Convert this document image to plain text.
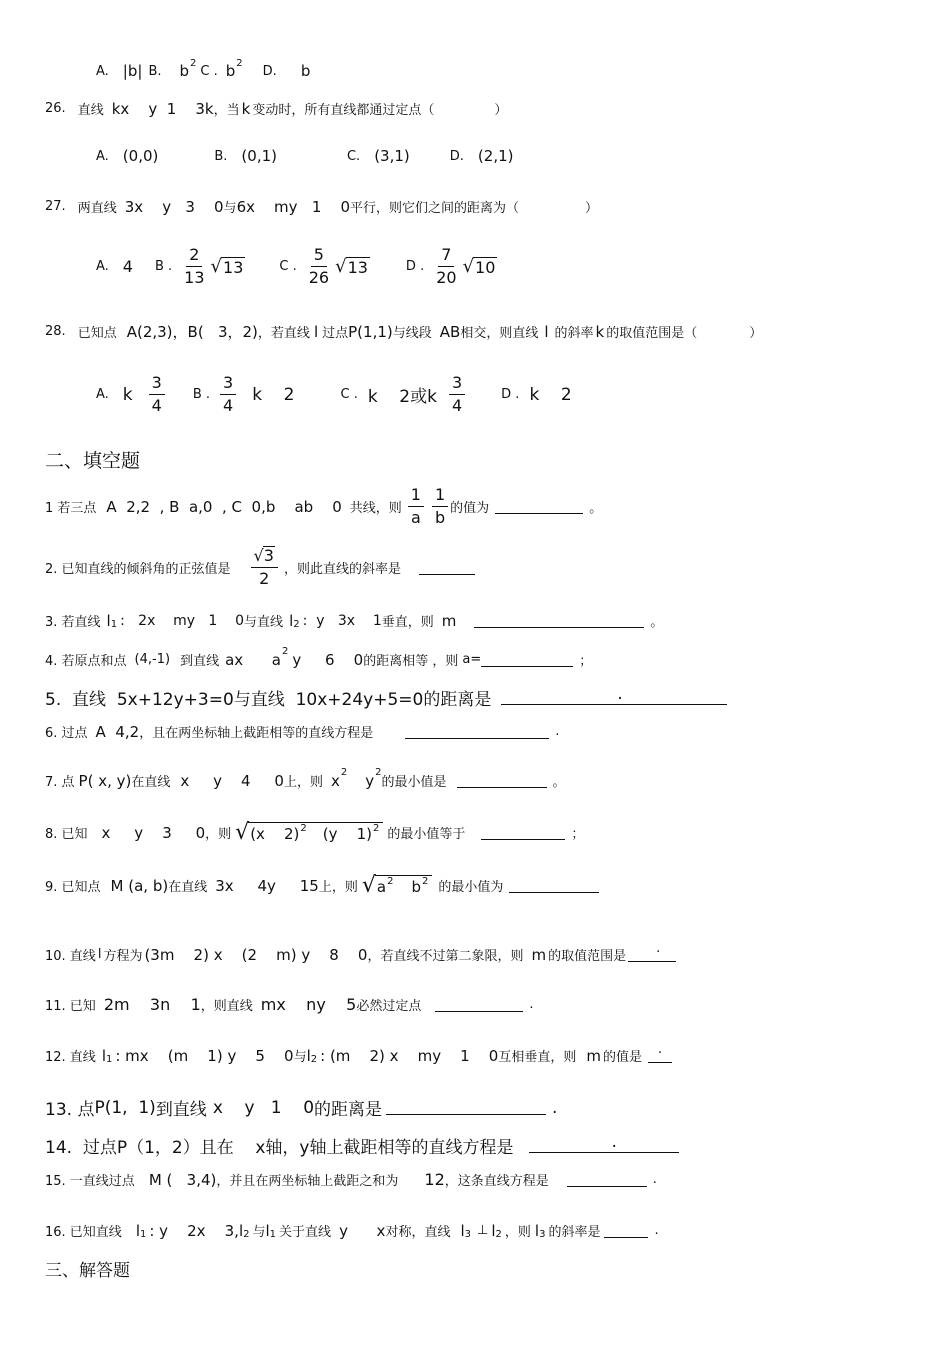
A. |b| B. b 2
C . b 2
D. b
26. 直线 kx    y  1    3k ，当 k 变动时，所有直线都通过定点（	）
A. (0,0)	B. (0,1)	C. (3,1)	D. (2,1)
27. 两直线 3x    y   3    0 与 6x    my   1    0 平行，则它们之间的距离为（	）
A. 4 B . $\frac{2}{13}$ √ 13	C . $\frac{5}{26}$ √ 13	D . $\frac{7}{20}$ √ 10
28. 已知点 A(2,3)，B(   3，2) ，若直线 l 过点 P(1,1) 与线段 AB 相交，则直线 l 的斜率 k 的取值范围是（	）
A. k $\frac{3}{4}$ B . $\frac{3}{4}$ k    2	C . k    2或k $\frac{3}{4}$	D . k    2
二、填空题
1 若三点 A  2,2  , B  a,0  , C  0,b    ab    0 共线，则 $\frac{1}{a} \frac{1}{b}$ 的值为	。
2. 已知直线的倾斜角的正弦值是 $\frac{√3}{2}$ ，则此直线的斜率是
3. 若直线 l 1 :   2x    my   1    0 与直线 l 2 :  y   3x    1 垂直，则 m	。
4. 若原点和点 (4,-1) 到直线 ax      a 2 y     6    0 的距离相等 ，则 a=	；
5.  直线  5x+12y+3=0与直线  10x+24y+5=0的距离是	.
6. 过点 A  4,2 ，且在两坐标轴上截距相等的直线方程是	.
7. 点 P( x, y) 在直线 x     y    4     0 上，则 x 2 y 2
的最小值是	。
8. 已知 x     y    3     0 ，则 √ (x    2)$^2$ (y    1)$^2$ 的最小值等于	；
9. 已知点 M (a, b) 在直线 3x     4y     15 上，则 √ $a^2$ $b^2$ 的最小值为
10. 直线 l 方程为 (3m    2) x    (2    m) y    8    0 ，若直线不过第二象限，则 m 的取值范围是
.
11. 已知 2m    3n    1 ，则直线 mx    ny    5 必然过定点	.
12. 直线 l 1 : mx    (m    1) y    5    0 与 l 2 : (m    2) x    my    1    0 互相垂直，则 m 的值是
.
13. 点 P(1,  1) 到直线 x    y   1    0 的距离是	.
14.  过点P（1，2）且在    x轴，y轴上截距相等的直线方程是	.
15. 一直线过点 M (   3,4) ，并且在两坐标轴上截距之和为 12 ，这条直线方程是	.
16. 已知直线 l 1 : y    2x    3, l 2 与 l 1 关于直线 y      x 对称，直线 l 3 ⊥ l 2 ，则 l 3 的斜率是	.
三、解答题
